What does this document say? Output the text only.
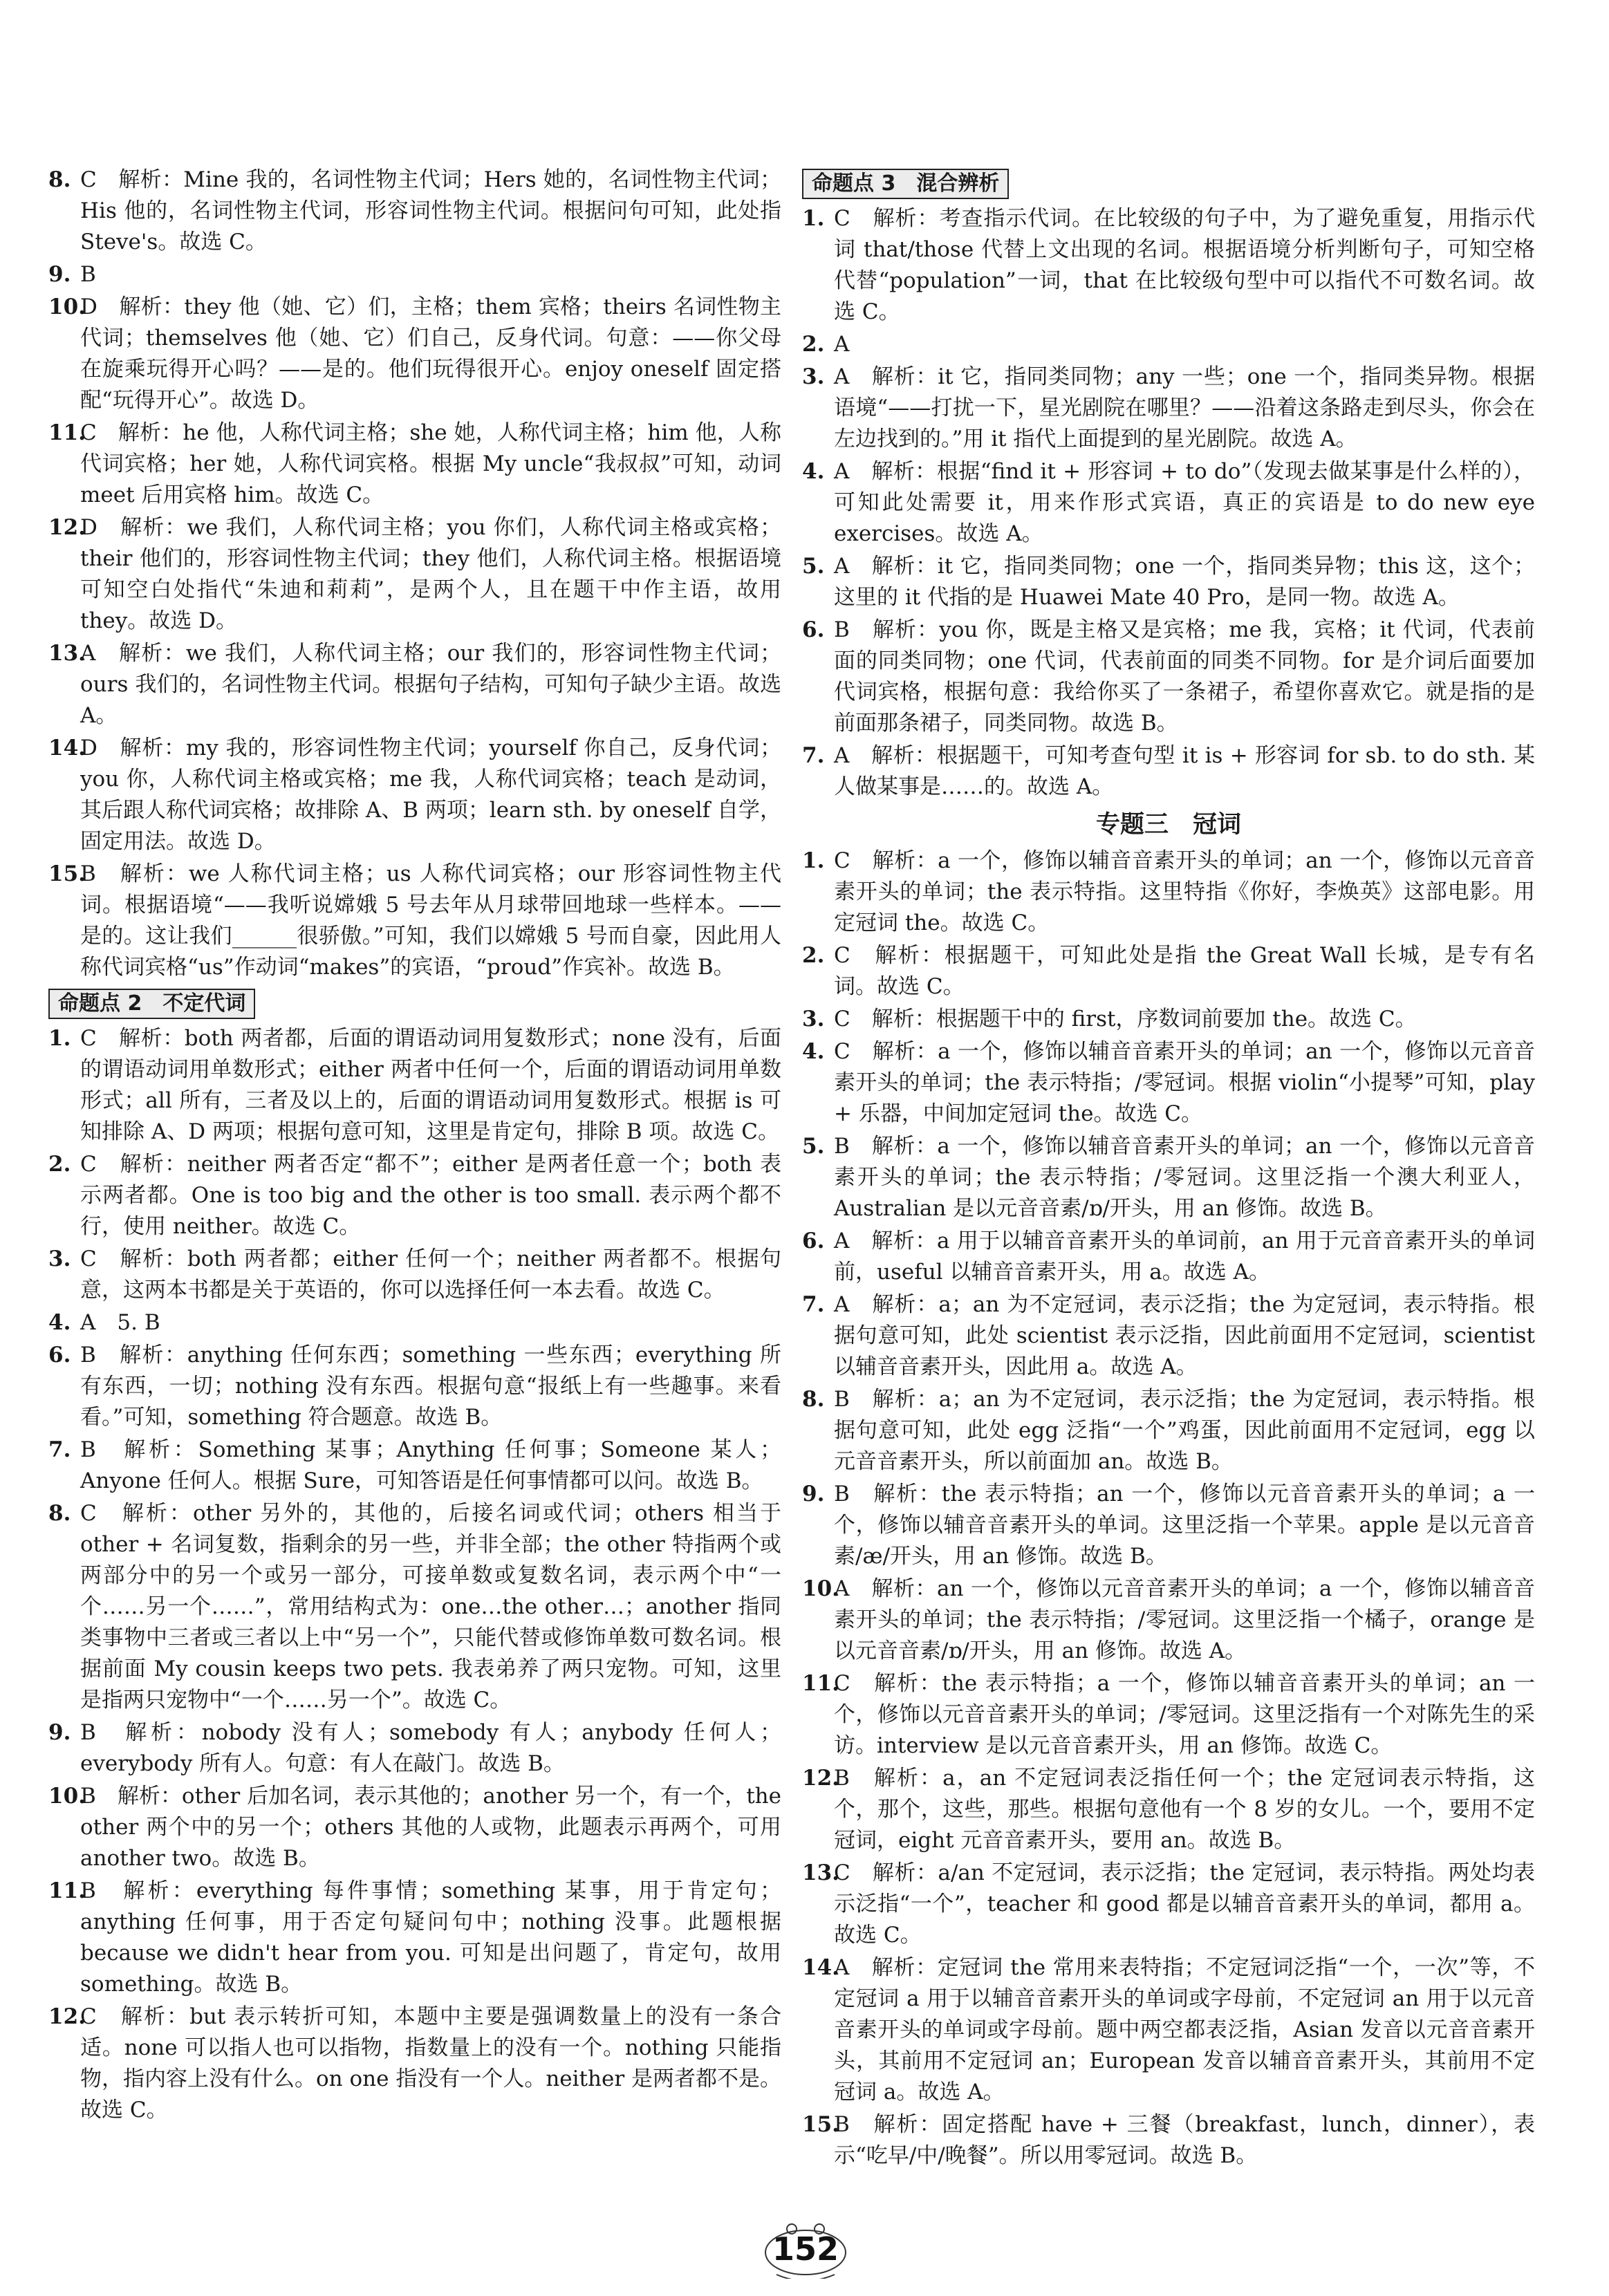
8. C　解析：Mine 我的，名词性物主代词；Hers 她的，名词性物主代词；His 他的，名词性物主代词，形容词性物主代词。根据问句可知，此处指 Steve's。故选 C。
9. B
10.
D　解析：they 他（她、它）们，主格；them 宾格；theirs 名词性物主代词；themselves 他（她、它）们自己，反身代词。句意：——你父母在旋乘玩得开心吗？——是的。他们玩得很开心。enjoy oneself 固定搭配“玩得开心”。故选 D。
11.
C　解析：he 他，人称代词主格；she 她，人称代词主格；him 他，人称代词宾格；her 她，人称代词宾格。根据 My uncle“我叔叔”可知，动词 meet 后用宾格 him。故选 C。
12.
D　解析：we 我们，人称代词主格；you 你们，人称代词主格或宾格；their 他们的，形容词性物主代词；they 他们，人称代词主格。根据语境可知空白处指代“朱迪和莉莉”，是两个人，且在题干中作主语，故用 they。故选 D。
13.
A　解析：we 我们，人称代词主格；our 我们的，形容词性物主代词；ours 我们的，名词性物主代词。根据句子结构，可知句子缺少主语。故选 A。
14.
D　解析：my 我的，形容词性物主代词；yourself 你自己，反身代词；you 你，人称代词主格或宾格；me 我，人称代词宾格；teach 是动词，其后跟人称代词宾格；故排除 A、B 两项；learn sth. by oneself 自学，固定用法。故选 D。
15.
B　解析：we 人称代词主格；us 人称代词宾格；our 形容词性物主代词。根据语境“——我听说嫦娥 5 号去年从月球带回地球一些样本。——是的。这让我们______很骄傲。”可知，我们以嫦娥 5 号而自豪，因此用人称代词宾格“us”作动词“makes”的宾语，“proud”作宾补。故选 B。
命题点 2　不定代词
1. C　解析：both 两者都，后面的谓语动词用复数形式；none 没有，后面的谓语动词用单数形式；either 两者中任何一个，后面的谓语动词用单数形式；all 所有，三者及以上的，后面的谓语动词用复数形式。根据 is 可知排除 A、D 两项；根据句意可知，这里是肯定句，排除 B 项。故选 C。
2. C　解析：neither 两者否定“都不”；either 是两者任意一个；both 表示两者都。One is too big and the other is too small. 表示两个都不行，使用 neither。故选 C。
3. C　解析：both 两者都；either 任何一个；neither 两者都不。根据句意，这两本书都是关于英语的，你可以选择任何一本去看。故选 C。
4. A　5. B
6. B　解析：anything 任何东西；something 一些东西；everything 所有东西，一切；nothing 没有东西。根据句意“报纸上有一些趣事。来看看。”可知，something 符合题意。故选 B。
7. B　解析：Something 某事；Anything 任何事；Someone 某人；Anyone 任何人。根据 Sure，可知答语是任何事情都可以问。故选 B。
8. C　解析：other 另外的，其他的，后接名词或代词；others 相当于 other + 名词复数，指剩余的另一些，并非全部；the other 特指两个或两部分中的另一个或另一部分，可接单数或复数名词，表示两个中“一个……另一个……”，常用结构式为：one…the other…；another 指同类事物中三者或三者以上中“另一个”，只能代替或修饰单数可数名词。根据前面 My cousin keeps two pets. 我表弟养了两只宠物。可知，这里是指两只宠物中“一个……另一个”。故选 C。
9. B　解析：nobody 没有人；somebody 有人；anybody 任何人；everybody 所有人。句意：有人在敲门。故选 B。
10.
B　解析：other 后加名词，表示其他的；another 另一个，有一个，the other 两个中的另一个；others 其他的人或物，此题表示再两个，可用 another two。故选 B。
11.
B　解析：everything 每件事情；something 某事，用于肯定句；anything 任何事，用于否定句疑问句中；nothing 没事。此题根据 because we didn't hear from you. 可知是出问题了，肯定句，故用 something。故选 B。
12.
C　解析：but 表示转折可知，本题中主要是强调数量上的没有一条合适。none 可以指人也可以指物，指数量上的没有一个。nothing 只能指物，指内容上没有什么。on one 指没有一个人。neither 是两者都不是。故选 C。
命题点 3　混合辨析
1. C　解析：考查指示代词。在比较级的句子中，为了避免重复，用指示代词 that/those 代替上文出现的名词。根据语境分析判断句子，可知空格代替“population”一词，that 在比较级句型中可以指代不可数名词。故选 C。
2. A
3. A　解析：it 它，指同类同物；any 一些；one 一个，指同类异物。根据语境“——打扰一下，星光剧院在哪里？——沿着这条路走到尽头，你会在左边找到的。”用 it 指代上面提到的星光剧院。故选 A。
4. A　解析：根据“find it + 形容词 + to do”（发现去做某事是什么样的），可知此处需要 it，用来作形式宾语，真正的宾语是 to do new eye exercises。故选 A。
5. A　解析：it 它，指同类同物；one 一个，指同类异物；this 这，这个；这里的 it 代指的是 Huawei Mate 40 Pro，是同一物。故选 A。
6. B　解析：you 你，既是主格又是宾格；me 我，宾格；it 代词，代表前面的同类同物；one 代词，代表前面的同类不同物。for 是介词后面要加代词宾格，根据句意：我给你买了一条裙子，希望你喜欢它。就是指的是前面那条裙子，同类同物。故选 B。
7. A　解析：根据题干，可知考查句型 it is + 形容词 for sb. to do sth. 某人做某事是……的。故选 A。
专题三　冠词
1. C　解析：a 一个，修饰以辅音音素开头的单词；an 一个，修饰以元音音素开头的单词；the 表示特指。这里特指《你好，李焕英》这部电影。用定冠词 the。故选 C。
2. C　解析：根据题干，可知此处是指 the Great Wall 长城，是专有名词。故选 C。
3. C　解析：根据题干中的 first，序数词前要加 the。故选 C。
4. C　解析：a 一个，修饰以辅音音素开头的单词；an 一个，修饰以元音音素开头的单词；the 表示特指；/零冠词。根据 violin“小提琴”可知，play + 乐器，中间加定冠词 the。故选 C。
5. B　解析：a 一个，修饰以辅音音素开头的单词；an 一个，修饰以元音音素开头的单词；the 表示特指；/零冠词。这里泛指一个澳大利亚人，Australian 是以元音音素/ɒ/开头，用 an 修饰。故选 B。
6. A　解析：a 用于以辅音音素开头的单词前，an 用于元音音素开头的单词前，useful 以辅音音素开头，用 a。故选 A。
7. A　解析：a；an 为不定冠词，表示泛指；the 为定冠词，表示特指。根据句意可知，此处 scientist 表示泛指，因此前面用不定冠词，scientist 以辅音音素开头，因此用 a。故选 A。
8. B　解析：a；an 为不定冠词，表示泛指；the 为定冠词，表示特指。根据句意可知，此处 egg 泛指“一个”鸡蛋，因此前面用不定冠词，egg 以元音音素开头，所以前面加 an。故选 B。
9. B　解析：the 表示特指；an 一个，修饰以元音音素开头的单词；a 一个，修饰以辅音音素开头的单词。这里泛指一个苹果。apple 是以元音音素/æ/开头，用 an 修饰。故选 B。
10.
A　解析：an 一个，修饰以元音音素开头的单词；a 一个，修饰以辅音音素开头的单词；the 表示特指；/零冠词。这里泛指一个橘子，orange 是以元音音素/ɒ/开头，用 an 修饰。故选 A。
11.
C　解析：the 表示特指；a 一个，修饰以辅音音素开头的单词；an 一个，修饰以元音音素开头的单词；/零冠词。这里泛指有一个对陈先生的采访。interview 是以元音音素开头，用 an 修饰。故选 C。
12.
B　解析：a，an 不定冠词表泛指任何一个；the 定冠词表示特指，这个，那个，这些，那些。根据句意他有一个 8 岁的女儿。一个，要用不定冠词，eight 元音音素开头，要用 an。故选 B。
13.
C　解析：a/an 不定冠词，表示泛指；the 定冠词，表示特指。两处均表示泛指“一个”，teacher 和 good 都是以辅音音素开头的单词，都用 a。故选 C。
14.
A　解析：定冠词 the 常用来表特指；不定冠词泛指“一个，一次”等，不定冠词 a 用于以辅音音素开头的单词或字母前，不定冠词 an 用于以元音音素开头的单词或字母前。题中两空都表泛指，Asian 发音以元音音素开头，其前用不定冠词 an；European 发音以辅音音素开头，其前用不定冠词 a。故选 A。
15.
B　解析：固定搭配 have + 三餐（breakfast，lunch，dinner），表示“吃早/中/晚餐”。所以用零冠词。故选 B。
152
